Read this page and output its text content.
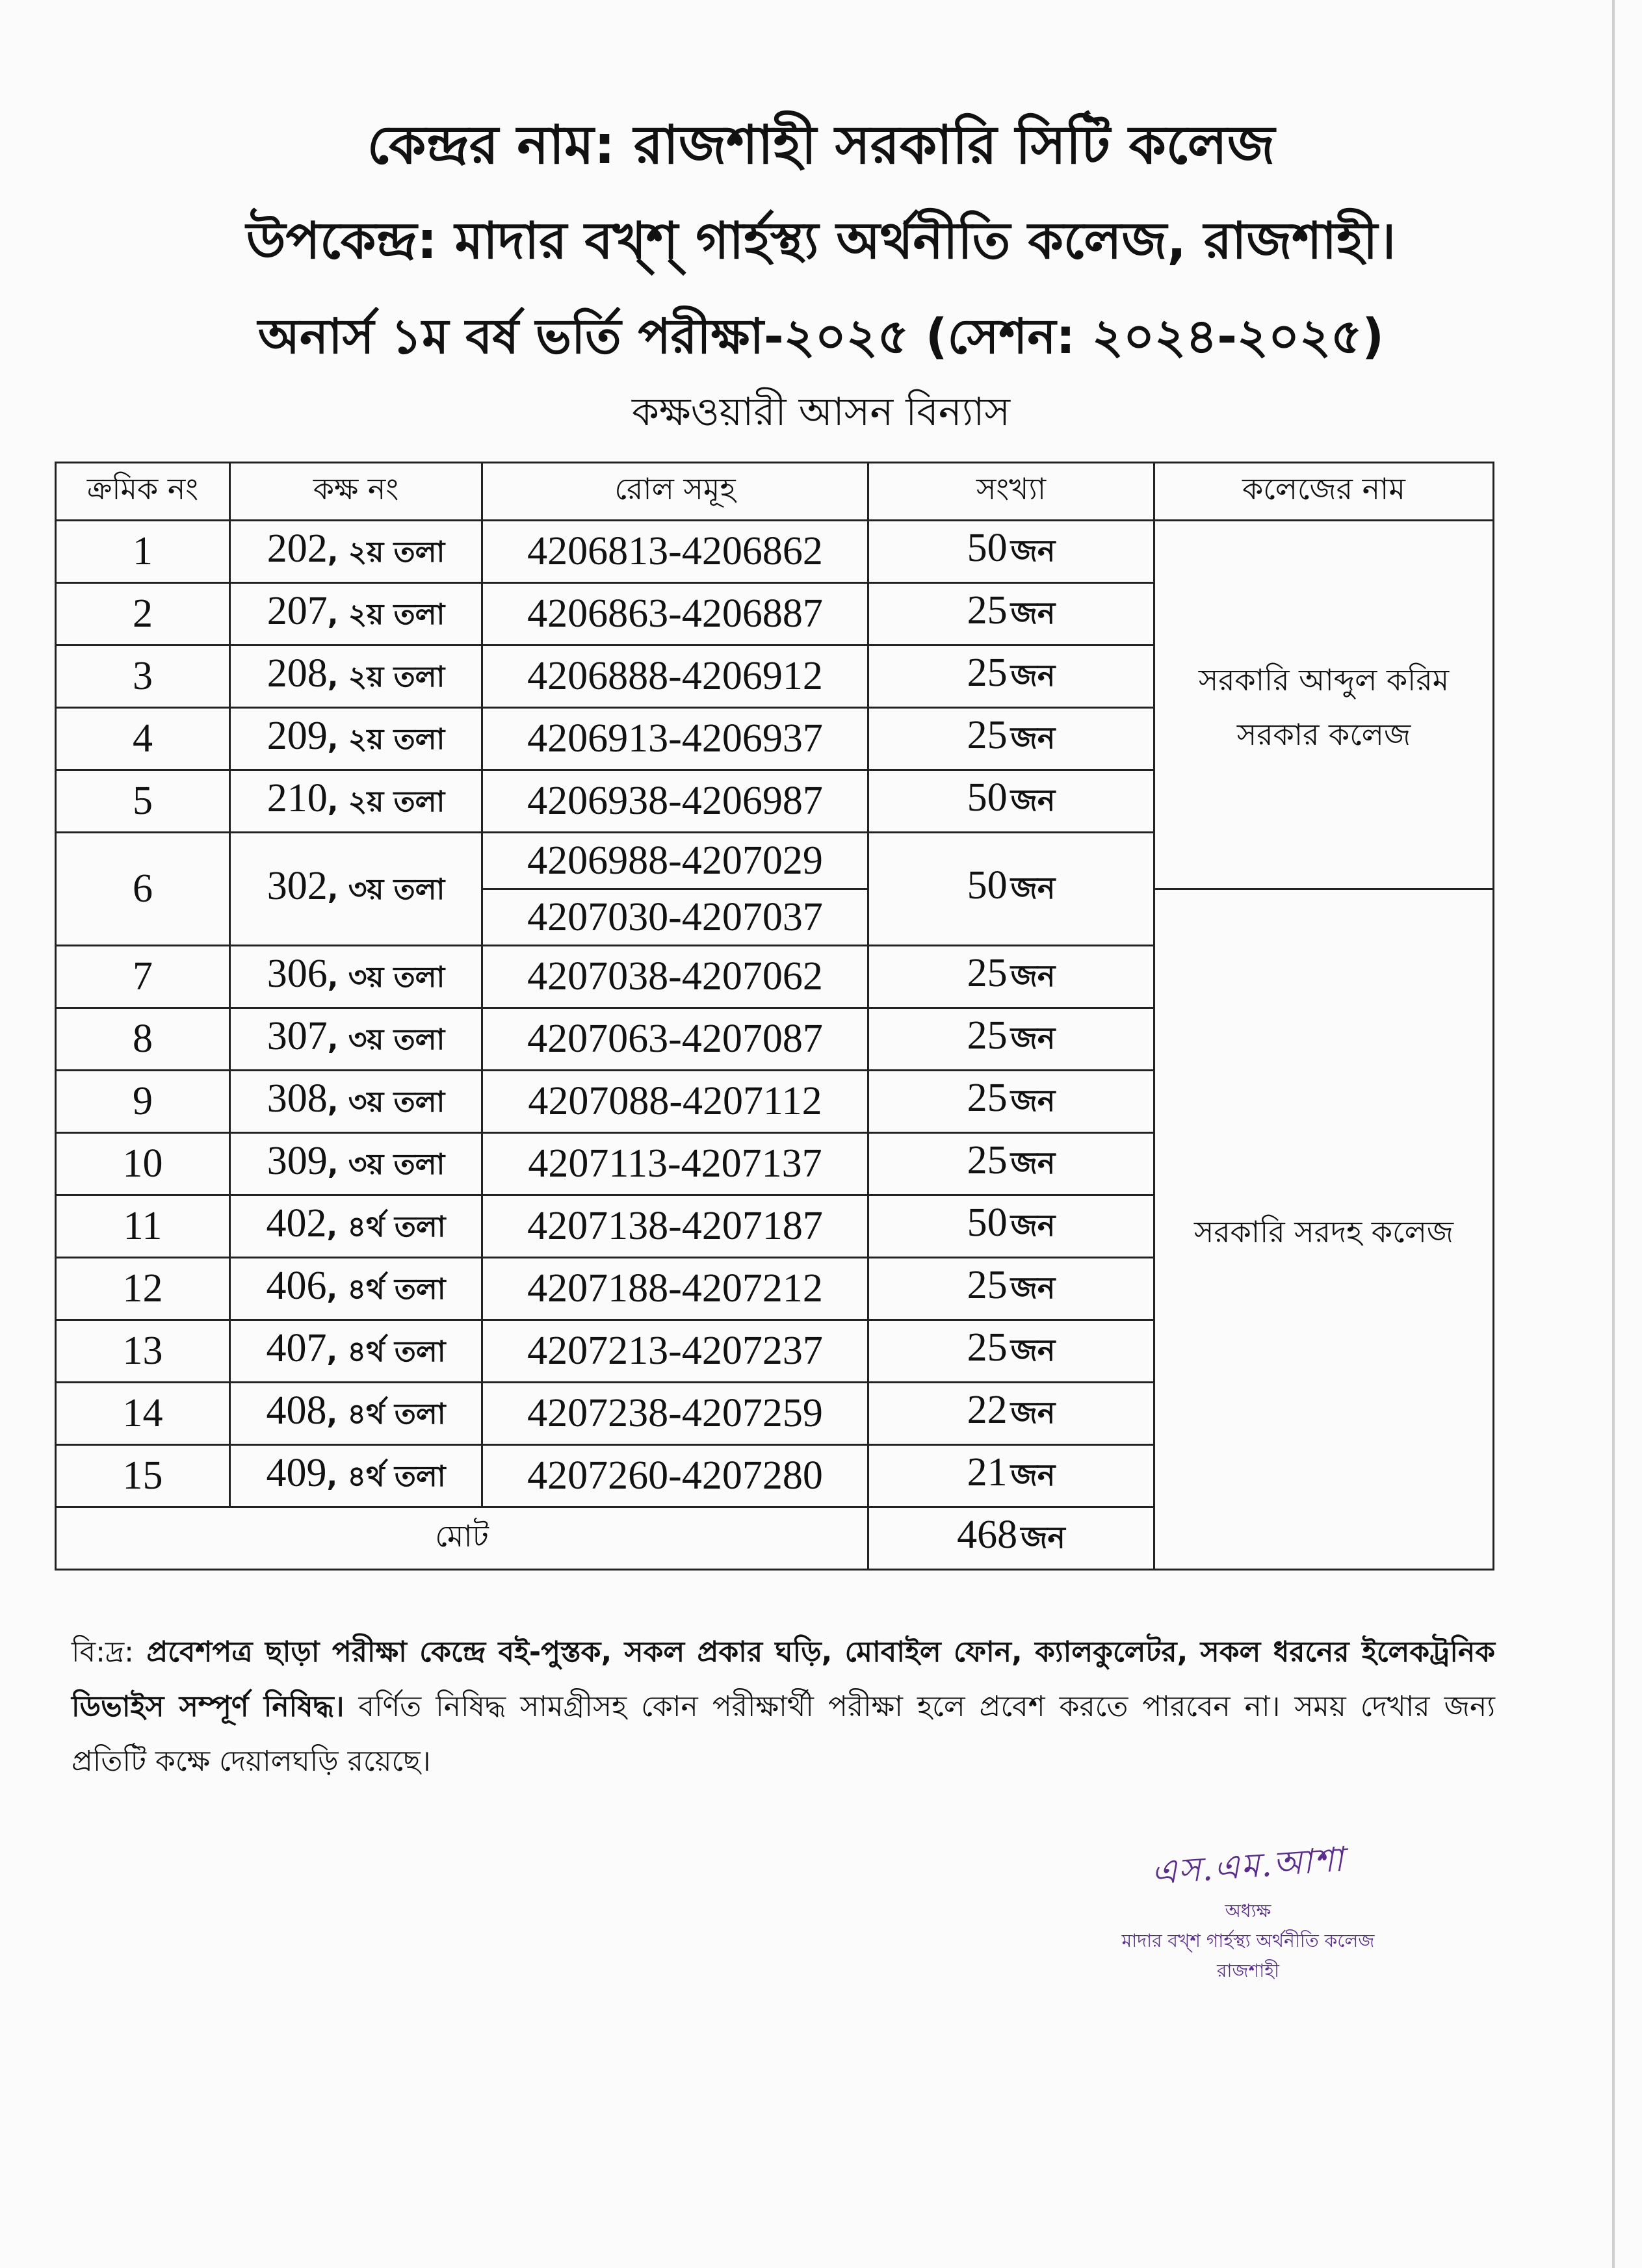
কেন্দ্রর নাম: রাজশাহী সরকারি সিটি কলেজ
উপকেন্দ্র: মাদার বখ্‌শ্‌ গার্হস্থ্য অর্থনীতি কলেজ, রাজশাহী।
অনার্স ১ম বর্ষ ভর্তি পরীক্ষা-২০২৫ (সেশন: ২০২৪-২০২৫)
কক্ষওয়ারী আসন বিন্যাস
ক্রমিক নং	কক্ষ নং	রোল সমূহ	সংখ্যা	কলেজের নাম
1	202, ২য় তলা	4206813-4206862	50 জন	সরকারি আব্দুল করিম সরকার কলেজ

2	207, ২য় তলা	4206863-4206887	25 জন	
3	208, ২য় তলা	4206888-4206912	25 জন	
4	209, ২য় তলা	4206913-4206937	25 জন	
5	210, ২য় তলা	4206938-4206987	50 জন	
6	302, ৩য় তলা	4206988-4207029	50 জন	
		4207030-4207037		সরকারি সরদহ কলেজ

7	306, ৩য় তলা	4207038-4207062	25 জন	
8	307, ৩য় তলা	4207063-4207087	25 জন	
9	308, ৩য় তলা	4207088-4207112	25 জন	
10	309, ৩য় তলা	4207113-4207137	25 জন	
11	402, ৪র্থ তলা	4207138-4207187	50 জন	
12	406, ৪র্থ তলা	4207188-4207212	25 জন	
13	407, ৪র্থ তলা	4207213-4207237	25 জন	
14	408, ৪র্থ তলা	4207238-4207259	22 জন	
15	409, ৪র্থ তলা	4207260-4207280	21 জন	
মোট			468 জন	
বি:দ্র: প্রবেশপত্র ছাড়া পরীক্ষা কেন্দ্রে বই-পুস্তক, সকল প্রকার ঘড়ি, মোবাইল ফোন, ক্যালকুলেটর, সকল ধরনের ইলেকট্রনিক ডিভাইস সম্পূর্ণ নিষিদ্ধ। বর্ণিত নিষিদ্ধ সামগ্রীসহ কোন পরীক্ষার্থী পরীক্ষা হলে প্রবেশ করতে পারবেন না। সময় দেখার জন্য প্রতিটি কক্ষে দেয়ালঘড়ি রয়েছে।
এস.এম.আশা
অধ্যক্ষ
মাদার বখ্‌শ গার্হস্থ্য অর্থনীতি কলেজ
রাজশাহী
